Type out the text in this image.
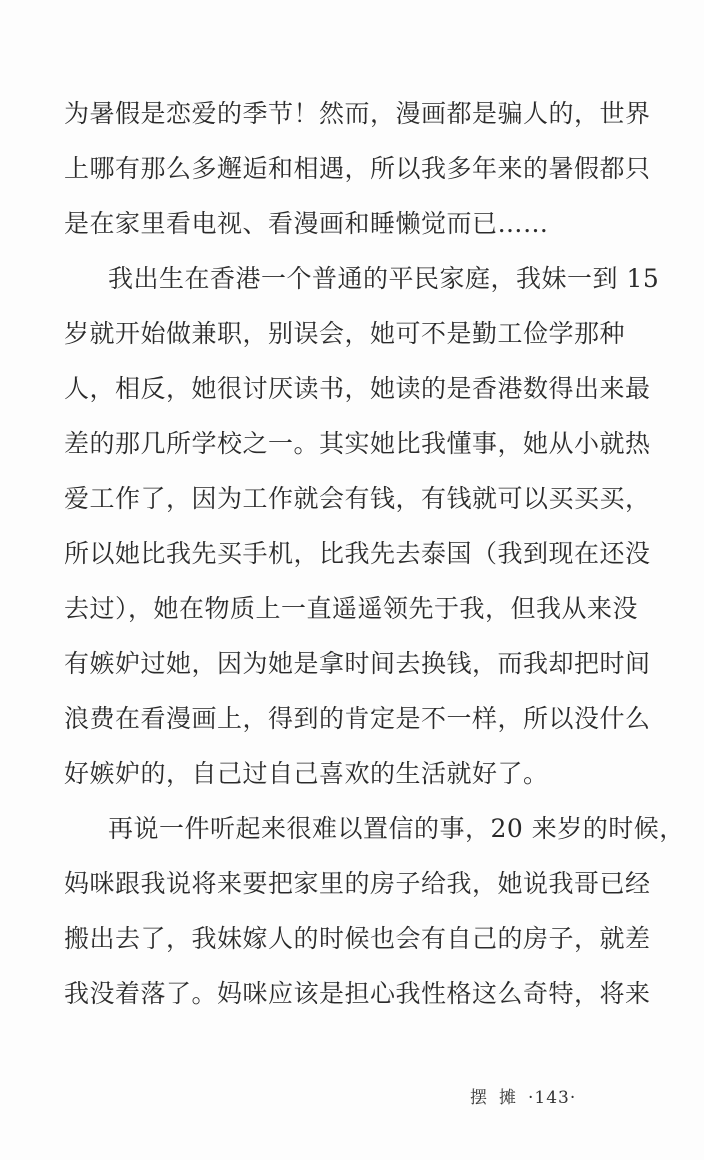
为暑假是恋爱的季节！然而，漫画都是骗人的，世界
上哪有那么多邂逅和相遇，所以我多年来的暑假都只
是在家里看电视、看漫画和睡懒觉而已……
我出生在香港一个普通的平民家庭，我妹一到 15
岁就开始做兼职，别误会，她可不是勤工俭学那种
人，相反，她很讨厌读书，她读的是香港数得出来最
差的那几所学校之一。其实她比我懂事，她从小就热
爱工作了，因为工作就会有钱，有钱就可以买买买，
所以她比我先买手机，比我先去泰国（我到现在还没
去过），她在物质上一直遥遥领先于我，但我从来没
有嫉妒过她，因为她是拿时间去换钱，而我却把时间
浪费在看漫画上，得到的肯定是不一样，所以没什么
好嫉妒的，自己过自己喜欢的生活就好了。
再说一件听起来很难以置信的事，20 来岁的时候，
妈咪跟我说将来要把家里的房子给我，她说我哥已经
搬出去了，我妹嫁人的时候也会有自己的房子，就差
我没着落了。妈咪应该是担心我性格这么奇特，将来
摆摊·143·
